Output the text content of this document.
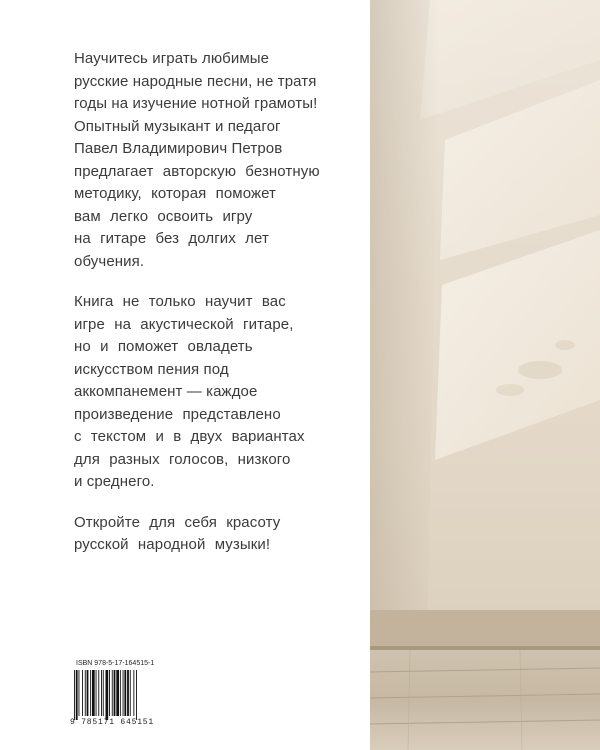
Научитесь играть любимые
русские народные песни, не тратя
годы на изучение нотной грамоты!
Опытный музыкант и педагог
Павел Владимирович Петров
предлагает авторскую безнотную
методику, которая поможет
вам легко освоить игру
на гитаре без долгих лет
обучения.

Книга не только научит вас
игре на акустической гитаре,
но и поможет овладеть
искусством пения под
аккомпанемент — каждое
произведение представлено
с текстом и в двух вариантах
для разных голосов, низкого
и среднего.

Откройте для себя красоту
русской народной музыки!

ISBN 978-5-17-164515-1
9 785171 645151
